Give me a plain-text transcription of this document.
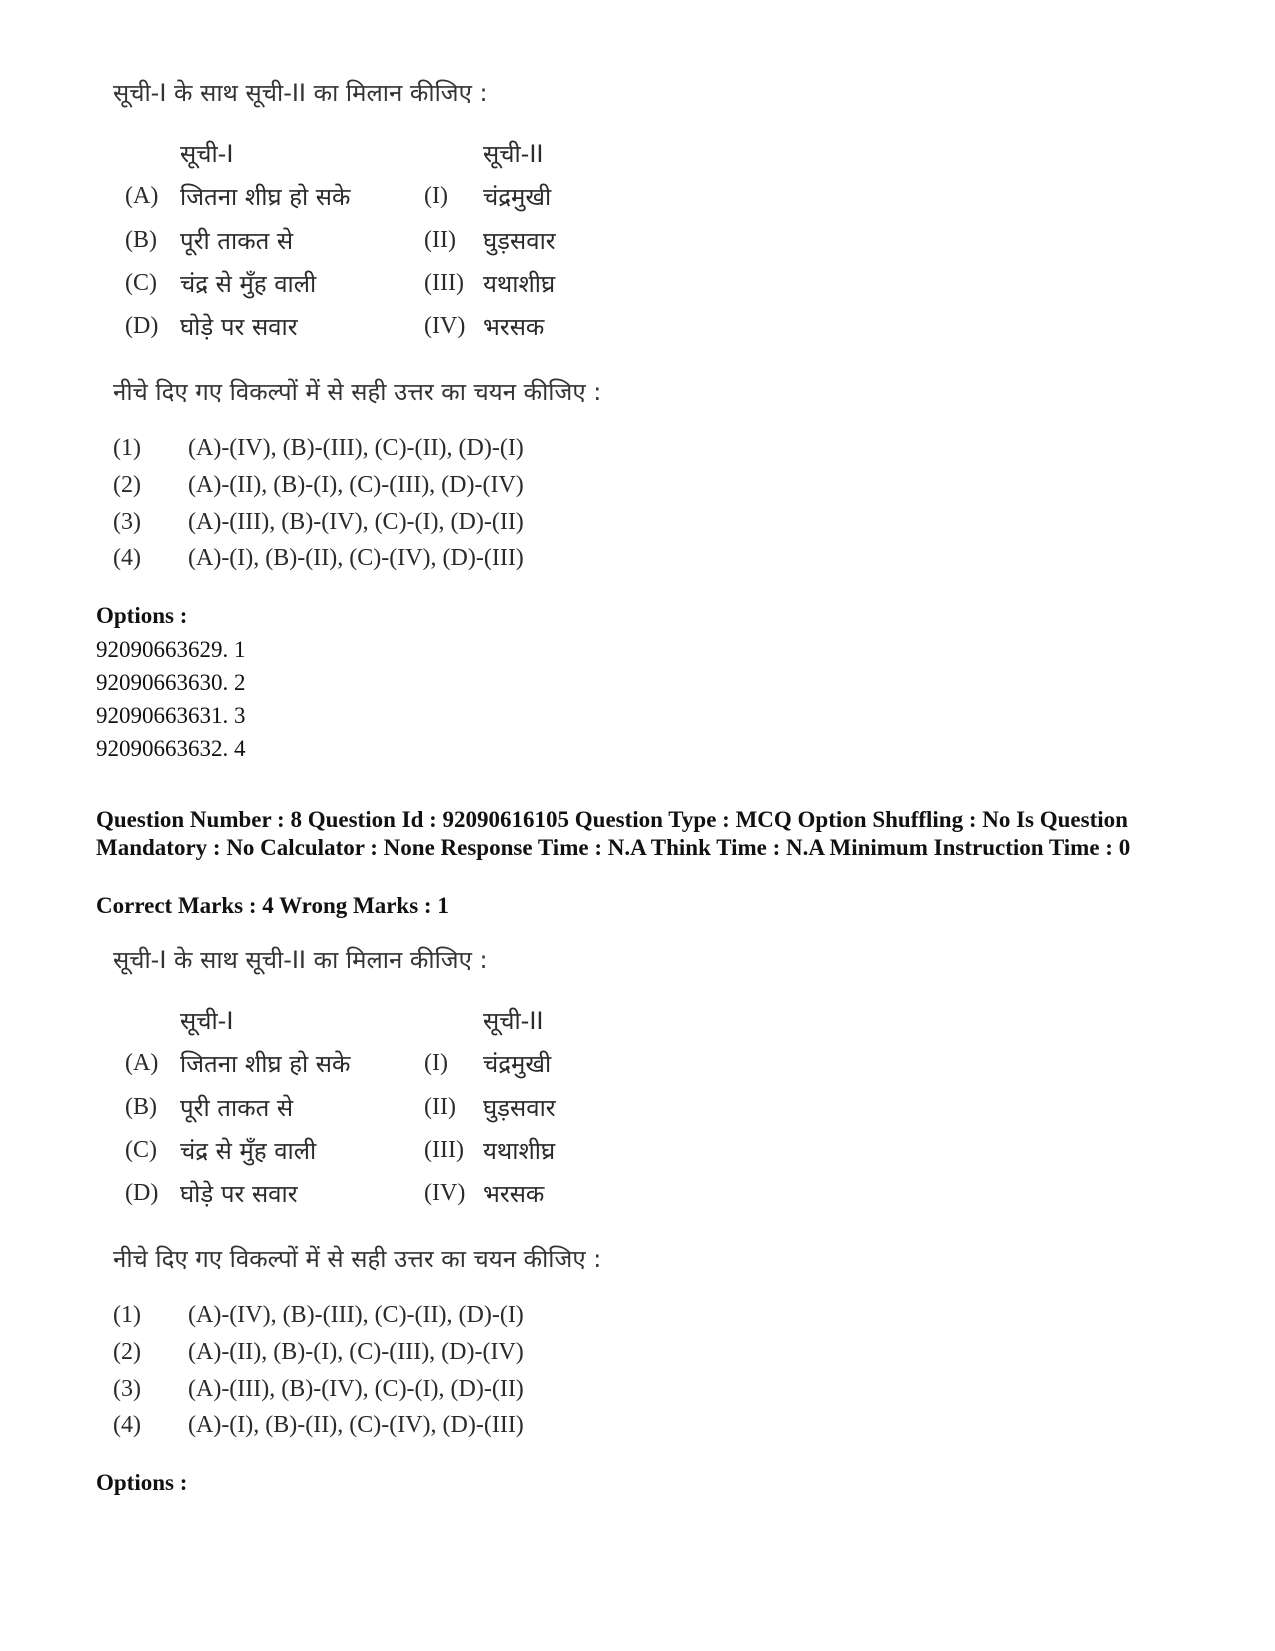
सूची-I के साथ सूची-II का मिलान कीजिए :
सूची-I	सूची-II
(A) जितना शीघ्र हो सके	(I) चंद्रमुखी
(B) पूरी ताकत से	(II) घुड़सवार
(C) चंद्र से मुँह वाली	(III) यथाशीघ्र
(D) घोड़े पर सवार	(IV) भरसक
नीचे दिए गए विकल्पों में से सही उत्तर का चयन कीजिए :
(1) (A)-(IV), (B)-(III), (C)-(II), (D)-(I)
(2) (A)-(II), (B)-(I), (C)-(III), (D)-(IV)
(3) (A)-(III), (B)-(IV), (C)-(I), (D)-(II)
(4) (A)-(I), (B)-(II), (C)-(IV), (D)-(III)
Options :
92090663629. 1
92090663630. 2
92090663631. 3
92090663632. 4
Question Number : 8 Question Id : 92090616105 Question Type : MCQ Option Shuffling : No Is Question Mandatory : No Calculator : None Response Time : N.A Think Time : N.A Minimum Instruction Time : 0
Correct Marks : 4 Wrong Marks : 1
सूची-I के साथ सूची-II का मिलान कीजिए :
सूची-I	सूची-II
(A) जितना शीघ्र हो सके	(I) चंद्रमुखी
(B) पूरी ताकत से	(II) घुड़सवार
(C) चंद्र से मुँह वाली	(III) यथाशीघ्र
(D) घोड़े पर सवार	(IV) भरसक
नीचे दिए गए विकल्पों में से सही उत्तर का चयन कीजिए :
(1) (A)-(IV), (B)-(III), (C)-(II), (D)-(I)
(2) (A)-(II), (B)-(I), (C)-(III), (D)-(IV)
(3) (A)-(III), (B)-(IV), (C)-(I), (D)-(II)
(4) (A)-(I), (B)-(II), (C)-(IV), (D)-(III)
Options :
